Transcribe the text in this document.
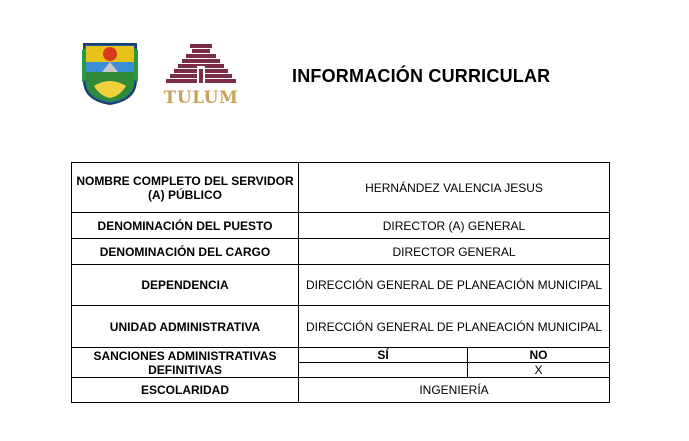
TULUM
INFORMACIÓN CURRICULAR
NOMBRE COMPLETO DEL SERVIDOR (A) PÚBLICO	HERNÁNDEZ VALENCIA JESUS	
DENOMINACIÓN DEL PUESTO	DIRECTOR (A) GENERAL	
DENOMINACIÓN DEL CARGO	DIRECTOR GENERAL	
DEPENDENCIA	DIRECCIÓN GENERAL DE PLANEACIÓN MUNICIPAL	
UNIDAD ADMINISTRATIVA	DIRECCIÓN GENERAL DE PLANEACIÓN MUNICIPAL	
SANCIONES ADMINISTRATIVAS DEFINITIVAS	SÍ	NO
		X
ESCOLARIDAD	INGENIERÍA	
